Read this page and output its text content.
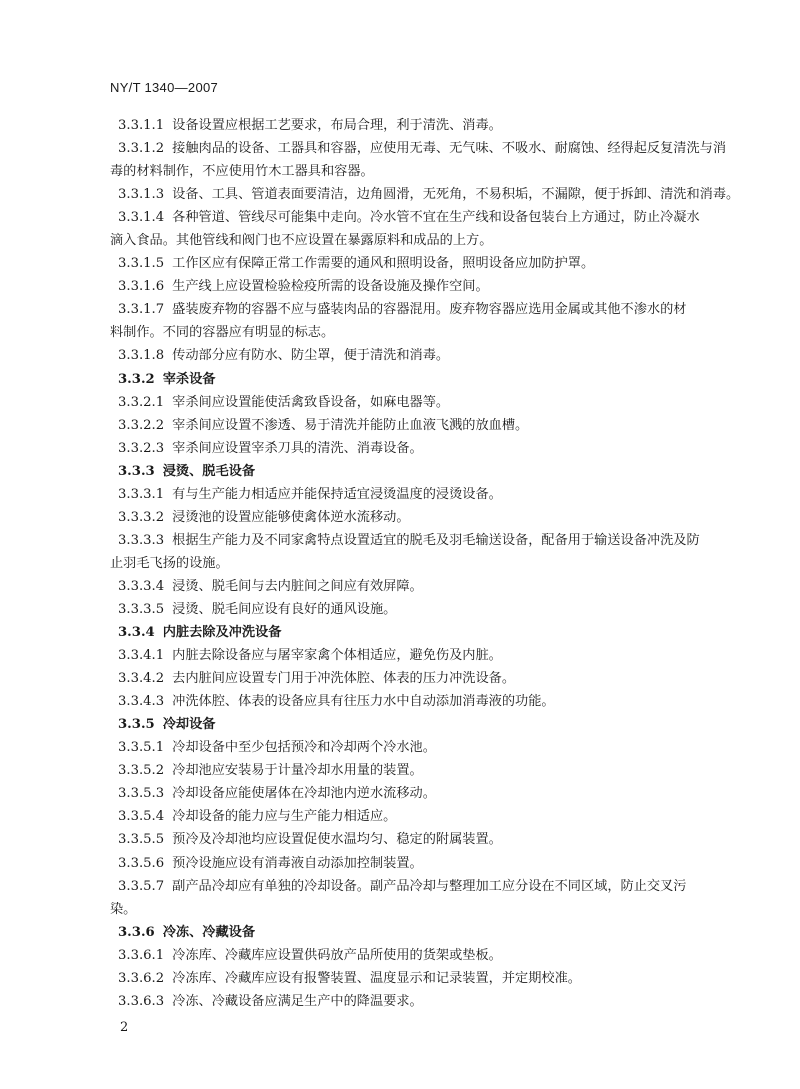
NY/T 1340—2007
3.3.1.1 设备设置应根据工艺要求，布局合理，利于清洗、消毒。
3.3.1.2 接触肉品的设备、工器具和容器，应使用无毒、无气味、不吸水、耐腐蚀、经得起反复清洗与消
毒的材料制作，不应使用竹木工器具和容器。
3.3.1.3 设备、工具、管道表面要清洁，边角圆滑，无死角，不易积垢，不漏隙，便于拆卸、清洗和消毒。
3.3.1.4 各种管道、管线尽可能集中走向。冷水管不宜在生产线和设备包装台上方通过，防止冷凝水
滴入食品。其他管线和阀门也不应设置在暴露原料和成品的上方。
3.3.1.5 工作区应有保障正常工作需要的通风和照明设备，照明设备应加防护罩。
3.3.1.6 生产线上应设置检验检疫所需的设备设施及操作空间。
3.3.1.7 盛装废弃物的容器不应与盛装肉品的容器混用。废弃物容器应选用金属或其他不渗水的材
料制作。不同的容器应有明显的标志。
3.3.1.8 传动部分应有防水、防尘罩，便于清洗和消毒。
3.3.2 宰杀设备
3.3.2.1 宰杀间应设置能使活禽致昏设备，如麻电器等。
3.3.2.2 宰杀间应设置不渗透、易于清洗并能防止血液飞溅的放血槽。
3.3.2.3 宰杀间应设置宰杀刀具的清洗、消毒设备。
3.3.3 浸烫、脱毛设备
3.3.3.1 有与生产能力相适应并能保持适宜浸烫温度的浸烫设备。
3.3.3.2 浸烫池的设置应能够使禽体逆水流移动。
3.3.3.3 根据生产能力及不同家禽特点设置适宜的脱毛及羽毛输送设备，配备用于输送设备冲洗及防
止羽毛飞扬的设施。
3.3.3.4 浸烫、脱毛间与去内脏间之间应有效屏障。
3.3.3.5 浸烫、脱毛间应设有良好的通风设施。
3.3.4 内脏去除及冲洗设备
3.3.4.1 内脏去除设备应与屠宰家禽个体相适应，避免伤及内脏。
3.3.4.2 去内脏间应设置专门用于冲洗体腔、体表的压力冲洗设备。
3.3.4.3 冲洗体腔、体表的设备应具有往压力水中自动添加消毒液的功能。
3.3.5 冷却设备
3.3.5.1 冷却设备中至少包括预冷和冷却两个冷水池。
3.3.5.2 冷却池应安装易于计量冷却水用量的装置。
3.3.5.3 冷却设备应能使屠体在冷却池内逆水流移动。
3.3.5.4 冷却设备的能力应与生产能力相适应。
3.3.5.5 预冷及冷却池均应设置促使水温均匀、稳定的附属装置。
3.3.5.6 预冷设施应设有消毒液自动添加控制装置。
3.3.5.7 副产品冷却应有单独的冷却设备。副产品冷却与整理加工应分设在不同区域，防止交叉污
染。
3.3.6 冷冻、冷藏设备
3.3.6.1 冷冻库、冷藏库应设置供码放产品所使用的货架或垫板。
3.3.6.2 冷冻库、冷藏库应设有报警装置、温度显示和记录装置，并定期校准。
3.3.6.3 冷冻、冷藏设备应满足生产中的降温要求。
2
